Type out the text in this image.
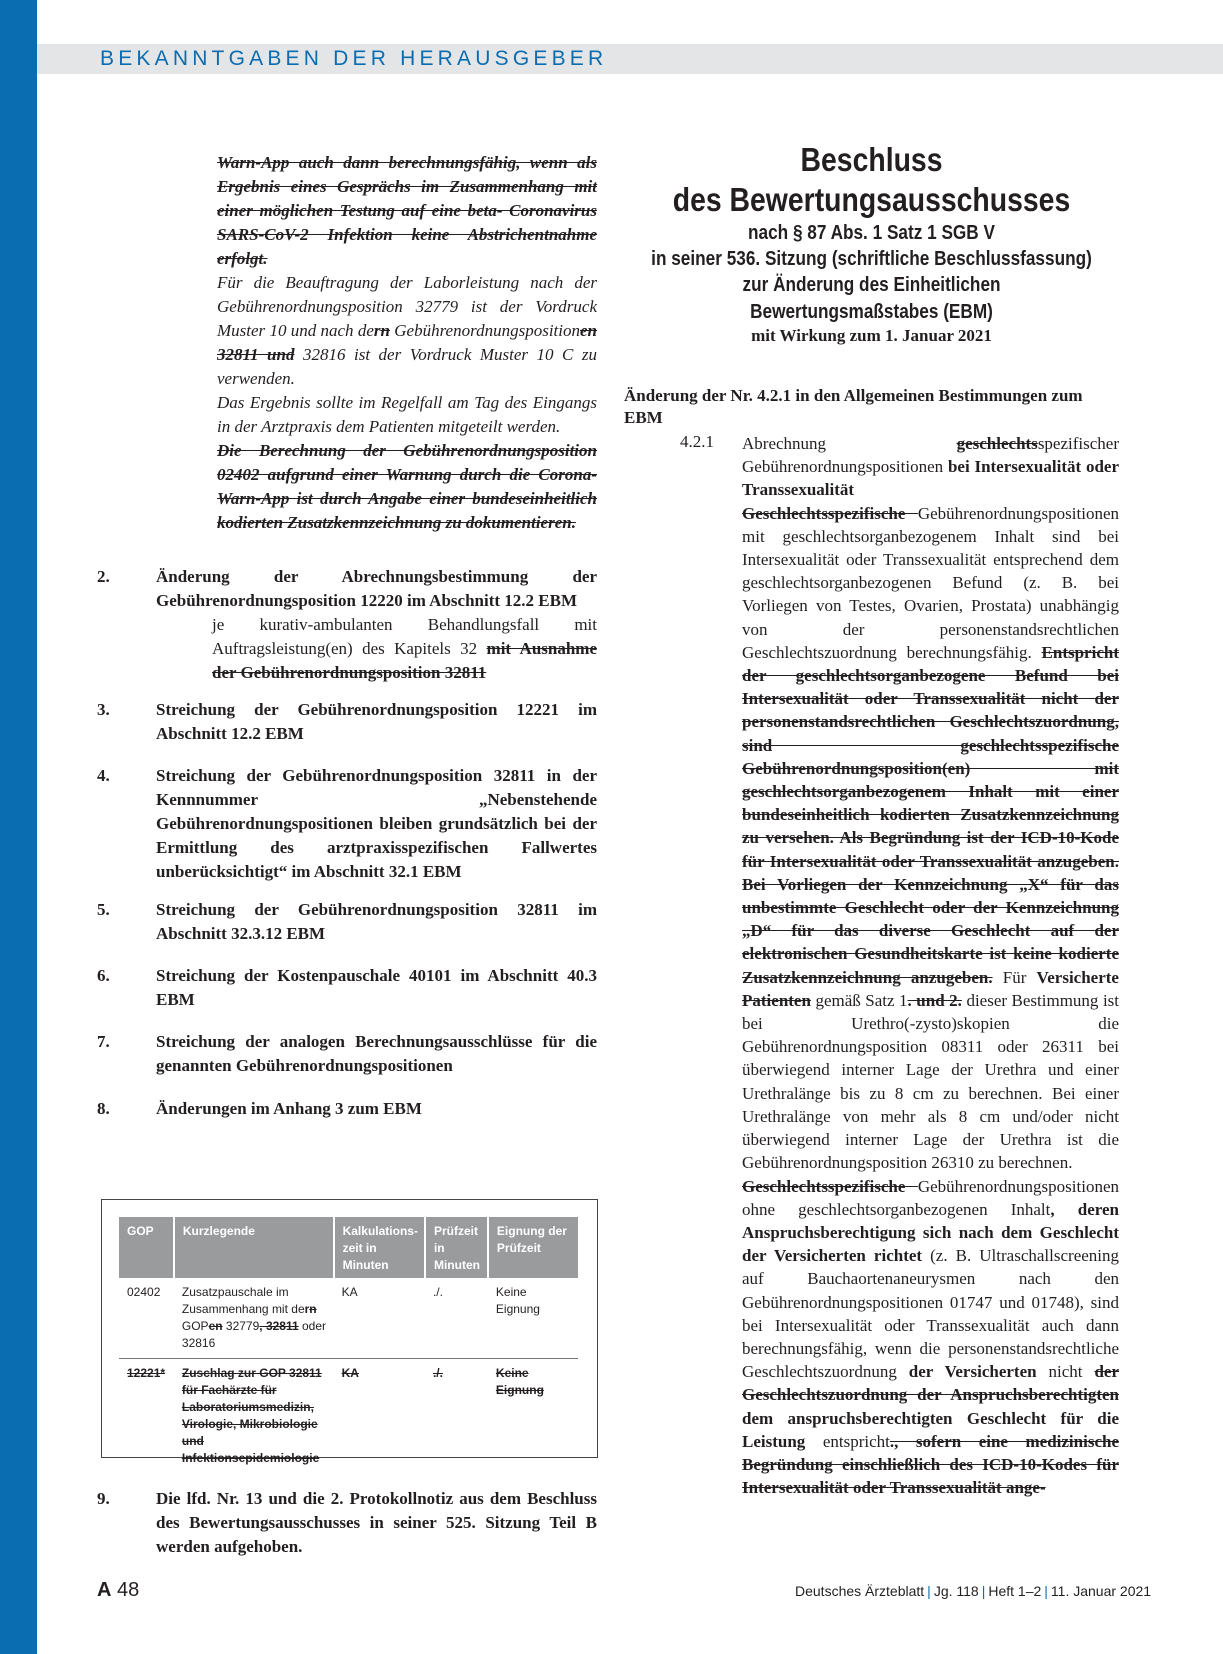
BEKANNTGABEN DER HERAUSGEBER

Warn-App auch dann berechnungsfähig, wenn als Ergebnis eines Gesprächs im Zusammenhang mit einer möglichen Testung auf eine beta- Coronavirus SARS-CoV-2 Infektion keine Abstrichentnahme erfolgt.

Für die Beauftragung der Laborleistung nach der Gebührenordnungsposition 32779 ist der Vordruck Muster 10 und nach dern Gebührenordnungspositionen 32811 und 32816 ist der Vordruck Muster 10 C zu verwenden.

Das Ergebnis sollte im Regelfall am Tag des Eingangs in der Arztpraxis dem Patienten mitgeteilt werden.

Die Berechnung der Gebührenordnungsposition 02402 aufgrund einer Warnung durch die Corona-Warn-App ist durch Angabe einer bundeseinheitlich kodierten Zusatzkennzeichnung zu dokumentieren.

2.	Änderung der Abrechnungsbestimmung der Gebührenordnungsposition 12220 im Abschnitt 12.2 EBM
je kurativ-ambulanten Behandlungsfall mit Auftragsleistung(en) des Kapitels 32 mit Ausnahme der Gebührenordnungsposition 32811
3.	Streichung der Gebührenordnungsposition 12221 im Abschnitt 12.2 EBM
4.	Streichung der Gebührenordnungsposition 32811 in der Kennnummer „Nebenstehende Gebührenordnungspositionen bleiben grundsätzlich bei der Ermittlung des arztpraxisspezifischen Fallwertes unberücksichtigt“ im Abschnitt 32.1 EBM
5.	Streichung der Gebührenordnungsposition 32811 im Abschnitt 32.3.12 EBM
6.	Streichung der Kostenpauschale 40101 im Abschnitt 40.3 EBM
7.	Streichung der analogen Berechnungsausschlüsse für die genannten Gebührenordnungspositionen
8.	Änderungen im Anhang 3 zum EBM
9.	Die lfd. Nr. 13 und die 2. Protokollnotiz aus dem Beschluss des Bewertungsausschusses in seiner 525. Sitzung Teil B werden aufgehoben.
GOP	Kurzlegende	Kalkulations-zeit in Minuten	Prüfzeit in Minuten	Eignung der Prüfzeit
02402	Zusatzpauschale im Zusammenhang mit dern GOPen 32779, 32811 oder 32816	KA	./.	Keine Eignung
12221*	Zuschlag zur GOP 32811 für Fachärzte für Laboratoriumsmedizin, Virologie, Mikrobiologie und Infektionsepidemiologie	KA	./.	Keine Eignung
Beschluss
des Bewertungsausschusses
nach § 87 Abs. 1 Satz 1 SGB V
in seiner 536. Sitzung (schriftliche Beschlussfassung)
zur Änderung des Einheitlichen Bewertungsmaßstabes (EBM)
mit Wirkung zum 1. Januar 2021
Änderung der Nr. 4.2.1 in den Allgemeinen Bestimmungen zum EBM
4.2.1 Abrechnung geschlechtsspezifischer Gebührenordnungspositionen bei Intersexualität oder Transsexualität

Geschlechtsspezifische Gebührenordnungspositionen mit geschlechtsorganbezogenem Inhalt sind bei Intersexualität oder Transsexualität entsprechend dem geschlechtsorganbezogenen Befund (z. B. bei Vorliegen von Testes, Ovarien, Prostata) unabhängig von der personenstandsrechtlichen Geschlechtszuordnung berechnungsfähig. Entspricht der geschlechtsorganbezogene Befund bei Intersexualität oder Transsexualität nicht der personenstandsrechtlichen Geschlechtszuordnung, sind geschlechtsspezifische Gebührenordnungsposition(en) mit geschlechtsorganbezogenem Inhalt mit einer bundeseinheitlich kodierten Zusatzkennzeichnung zu versehen. Als Begründung ist der ICD-10-Kode für Intersexualität oder Transsexualität anzugeben. Bei Vorliegen der Kennzeichnung „X“ für das unbestimmte Geschlecht oder der Kennzeichnung „D“ für das diverse Geschlecht auf der elektronischen Gesundheitskarte ist keine kodierte Zusatzkennzeichnung anzugeben. Für Versicherte Patienten gemäß Satz 1. und 2. dieser Bestimmung ist bei Urethro(-zysto)skopien die Gebührenordnungsposition 08311 oder 26311 bei überwiegend interner Lage der Urethra und einer Urethralänge bis zu 8 cm zu berechnen. Bei einer Urethralänge von mehr als 8 cm und/oder nicht überwiegend interner Lage der Urethra ist die Gebührenordnungsposition 26310 zu berechnen.

Geschlechtsspezifische Gebührenordnungspositionen ohne geschlechtsorganbezogenen Inhalt, deren Anspruchsberechtigung sich nach dem Geschlecht der Versicherten richtet (z. B. Ultraschallscreening auf Bauchaortenaneurysmen nach den Gebührenordnungspositionen 01747 und 01748), sind bei Intersexualität oder Transsexualität auch dann berechnungsfähig, wenn die personenstandsrechtliche Geschlechtszuordnung der Versicherten nicht der Geschlechtszuordnung der Anspruchsberechtigten dem anspruchsberechtigten Geschlecht für die Leistung entspricht., sofern eine medizinische Begründung einschließlich des ICD-10-Kodes für Intersexualität oder Transsexualität ange-

A 48	Deutsches Ärzteblatt | Jg. 118 | Heft 1–2 | 11. Januar 2021
